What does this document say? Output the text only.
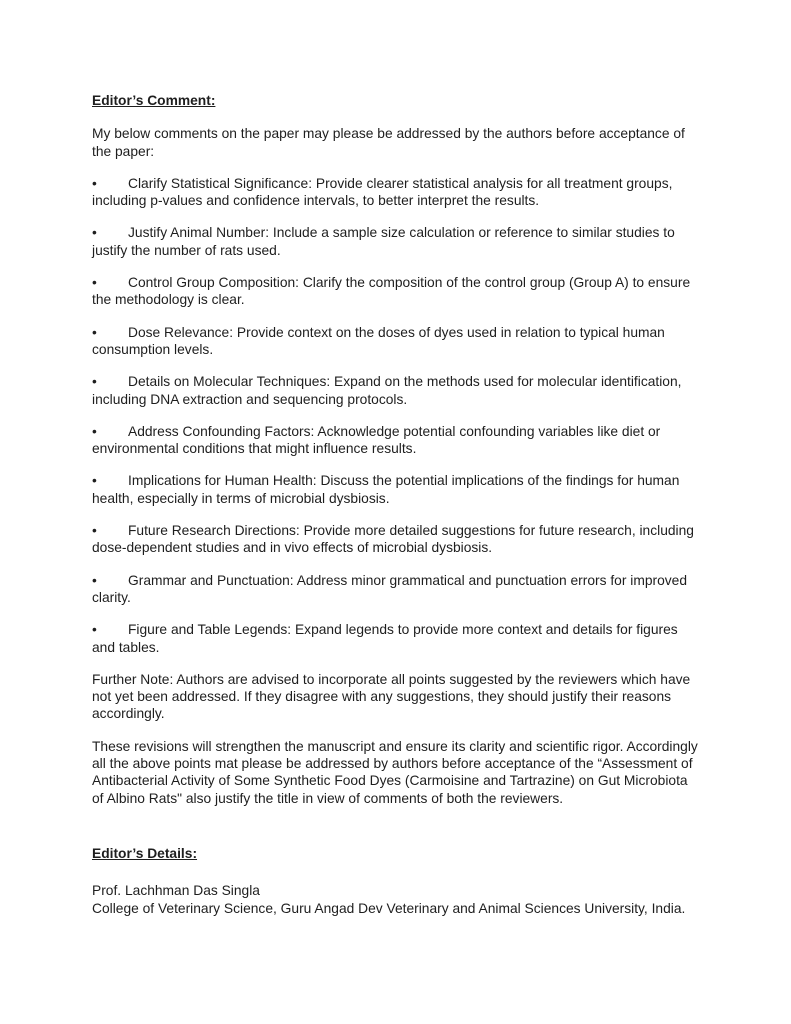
Editor’s Comment:

My below comments on the paper may please be addressed by the authors before acceptance of the paper:

• Clarify Statistical Significance: Provide clearer statistical analysis for all treatment groups, including p-values and confidence intervals, to better interpret the results.

• Justify Animal Number: Include a sample size calculation or reference to similar studies to justify the number of rats used.

• Control Group Composition: Clarify the composition of the control group (Group A) to ensure the methodology is clear.

• Dose Relevance: Provide context on the doses of dyes used in relation to typical human consumption levels.

• Details on Molecular Techniques: Expand on the methods used for molecular identification, including DNA extraction and sequencing protocols.

• Address Confounding Factors: Acknowledge potential confounding variables like diet or environmental conditions that might influence results.

• Implications for Human Health: Discuss the potential implications of the findings for human health, especially in terms of microbial dysbiosis.

• Future Research Directions: Provide more detailed suggestions for future research, including dose-dependent studies and in vivo effects of microbial dysbiosis.

• Grammar and Punctuation: Address minor grammatical and punctuation errors for improved clarity.

• Figure and Table Legends: Expand legends to provide more context and details for figures and tables.

Further Note: Authors are advised to incorporate all points suggested by the reviewers which have not yet been addressed. If they disagree with any suggestions, they should justify their reasons accordingly.

These revisions will strengthen the manuscript and ensure its clarity and scientific rigor. Accordingly all the above points mat please be addressed by authors before acceptance of the “Assessment of Antibacterial Activity of Some Synthetic Food Dyes (Carmoisine and Tartrazine) on Gut Microbiota of Albino Rats" also justify the title in view of comments of both the reviewers.

Editor’s Details:

Prof. Lachhman Das Singla

College of Veterinary Science, Guru Angad Dev Veterinary and Animal Sciences University, India.
